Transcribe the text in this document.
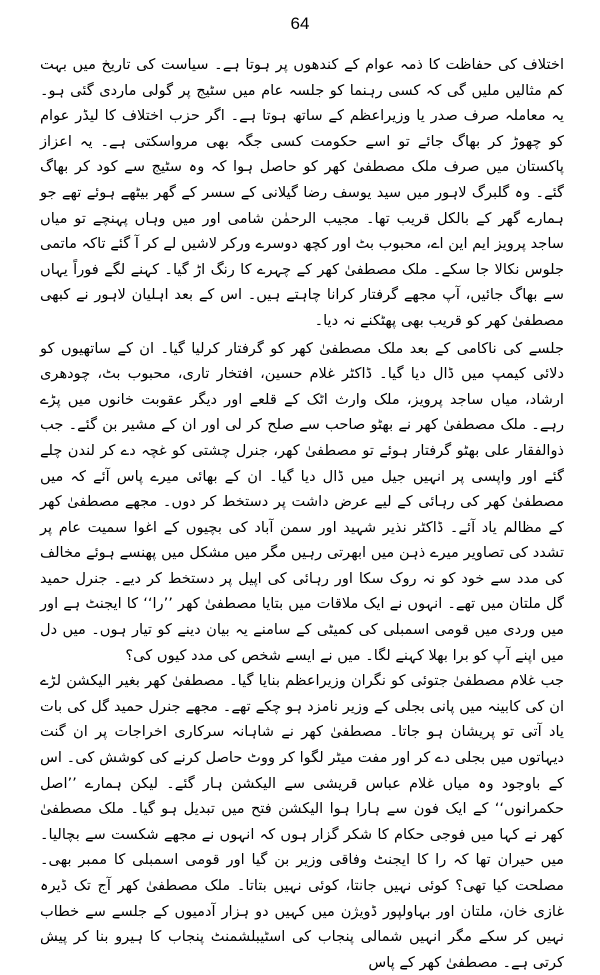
64

اختلاف کی حفاظت کا ذمہ عوام کے کندھوں پر ہوتا ہے۔ سیاست کی تاریخ میں بہت کم مثالیں ملیں گی کہ کسی رہنما کو جلسہ عام میں سٹیج پر گولی ماردی گئی ہو۔ یہ معاملہ صرف صدر یا وزیراعظم کے ساتھ ہوتا ہے۔ اگر حزب اختلاف کا لیڈر عوام کو چھوڑ کر بھاگ جائے تو اسے حکومت کسی جگہ بھی مرواسکتی ہے۔ یہ اعزاز پاکستان میں صرف ملک مصطفیٰ کھر کو حاصل ہوا کہ وہ سٹیج سے کود کر بھاگ گئے۔ وہ گلبرگ لاہور میں سید یوسف رضا گیلانی کے سسر کے گھر بیٹھے ہوئے تھے جو ہمارے گھر کے بالکل قریب تھا۔ مجیب الرحمٰن شامی اور میں وہاں پہنچے تو میاں ساجد پرویز ایم این اے، محبوب بٹ اور کچھ دوسرے ورکر لاشیں لے کر آ گئے تاکہ ماتمی جلوس نکالا جا سکے۔ ملک مصطفیٰ کھر کے چہرے کا رنگ اڑ گیا۔ کہنے لگے فوراً یہاں سے بھاگ جائیں، آپ مجھے گرفتار کرانا چاہتے ہیں۔ اس کے بعد اہلیان لاہور نے کبھی مصطفیٰ کھر کو قریب بھی پھٹکنے نہ دیا۔

جلسے کی ناکامی کے بعد ملک مصطفیٰ کھر کو گرفتار کرلیا گیا۔ ان کے ساتھیوں کو دلائی کیمپ میں ڈال دیا گیا۔ ڈاکٹر غلام حسین، افتخار تاری، محبوب بٹ، چودھری ارشاد، میاں ساجد پرویز، ملک وارث اٹک کے قلعے اور دیگر عقوبت خانوں میں پڑے رہے۔ ملک مصطفیٰ کھر نے بھٹو صاحب سے صلح کر لی اور ان کے مشیر بن گئے۔ جب ذوالفقار علی بھٹو گرفتار ہوئے تو مصطفیٰ کھر، جنرل چشتی کو غچہ دے کر لندن چلے گئے اور واپسی پر انہیں جیل میں ڈال دیا گیا۔ ان کے بھائی میرے پاس آئے کہ میں مصطفیٰ کھر کی رہائی کے لیے عرض داشت پر دستخط کر دوں۔ مجھے مصطفیٰ کھر کے مظالم یاد آئے۔ ڈاکٹر نذیر شہید اور سمن آباد کی بچیوں کے اغوا سمیت عام پر تشدد کی تصاویر میرے ذہن میں ابھرتی رہیں مگر میں مشکل میں پھنسے ہوئے مخالف کی مدد سے خود کو نہ روک سکا اور رہائی کی اپیل پر دستخط کر دیے۔ جنرل حمید گل ملتان میں تھے۔ انہوں نے ایک ملاقات میں بتایا مصطفیٰ کھر ’’را‘‘ کا ایجنٹ ہے اور میں وردی میں قومی اسمبلی کی کمیٹی کے سامنے یہ بیان دینے کو تیار ہوں۔ میں دل میں اپنے آپ کو برا بھلا کہنے لگا۔ میں نے ایسے شخص کی مدد کیوں کی؟

جب غلام مصطفیٰ جتوئی کو نگران وزیراعظم بنایا گیا۔ مصطفیٰ کھر بغیر الیکشن لڑے ان کی کابینہ میں پانی بجلی کے وزیر نامزد ہو چکے تھے۔ مجھے جنرل حمید گل کی بات یاد آتی تو پریشان ہو جاتا۔ مصطفیٰ کھر نے شاہانہ سرکاری اخراجات پر ان گنت دیہاتوں میں بجلی دے کر اور مفت میٹر لگوا کر ووٹ حاصل کرنے کی کوشش کی۔ اس کے باوجود وہ میاں غلام عباس قریشی سے الیکشن ہار گئے۔ لیکن ہمارے ’’اصل حکمرانوں‘‘ کے ایک فون سے ہارا ہوا الیکشن فتح میں تبدیل ہو گیا۔ ملک مصطفیٰ کھر نے کہا میں فوجی حکام کا شکر گزار ہوں کہ انہوں نے مجھے شکست سے بچالیا۔ میں حیران تھا کہ را کا ایجنٹ وفاقی وزیر بن گیا اور قومی اسمبلی کا ممبر بھی۔ مصلحت کیا تھی؟ کوئی نہیں جانتا، کوئی نہیں بتاتا۔ ملک مصطفیٰ کھر آج تک ڈیرہ غازی خان، ملتان اور بہاولپور ڈویژن میں کہیں دو ہزار آدمیوں کے جلسے سے خطاب نہیں کر سکے مگر انہیں شمالی پنجاب کی اسٹیبلشمنٹ پنجاب کا ہیرو بنا کر پیش کرتی ہے۔ مصطفیٰ کھر کے پاس
